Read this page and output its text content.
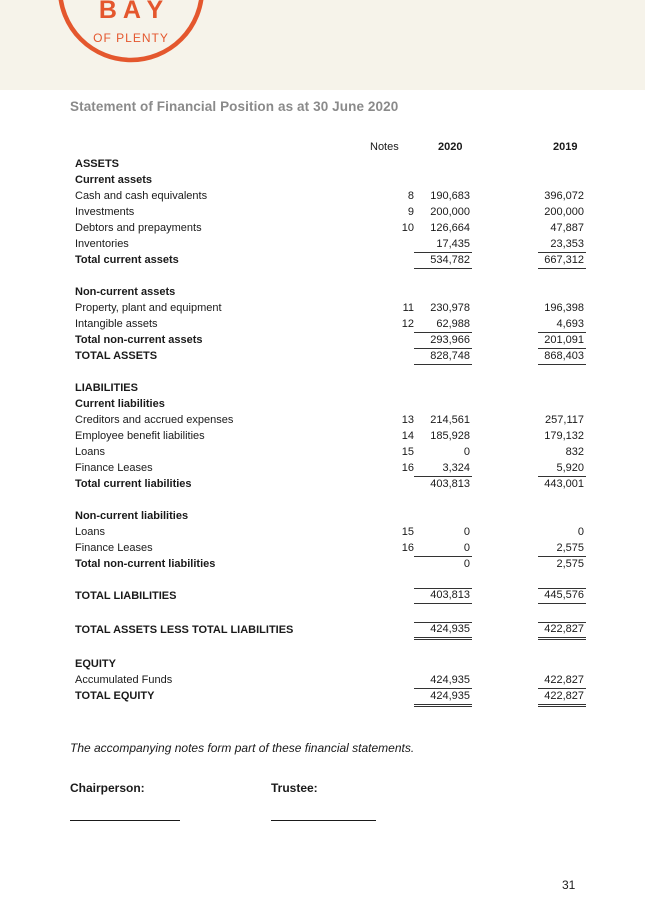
B A Y
OF PLENTY
Statement of Financial Position as at 30 June 2020
Notes	2020	2019
ASSETS
Current assets
Cash and cash equivalents	8	190,683	396,072
Investments	9	200,000	200,000
Debtors and prepayments	10	126,664	47,887
Inventories	17,435	23,353
Total current assets	534,782	667,312
Non-current assets
Property, plant and equipment	11	230,978	196,398
Intangible assets	12	62,988	4,693
Total non-current assets	293,966	201,091
TOTAL ASSETS	828,748	868,403
LIABILITIES
Current liabilities
Creditors and accrued expenses	13	214,561	257,117
Employee benefit liabilities	14	185,928	179,132
Loans	15	0	832
Finance Leases	16	3,324	5,920
Total current liabilities	403,813	443,001
Non-current liabilities
Loans	15	0	0
Finance Leases	16	0	2,575
Total non-current liabilities	0	2,575
TOTAL LIABILITIES	403,813	445,576
TOTAL ASSETS LESS TOTAL LIABILITIES	424,935	422,827
EQUITY
Accumulated Funds	424,935	422,827
TOTAL EQUITY	424,935	422,827
The accompanying notes form part of these financial statements.
Chairperson:	Trustee:
31
